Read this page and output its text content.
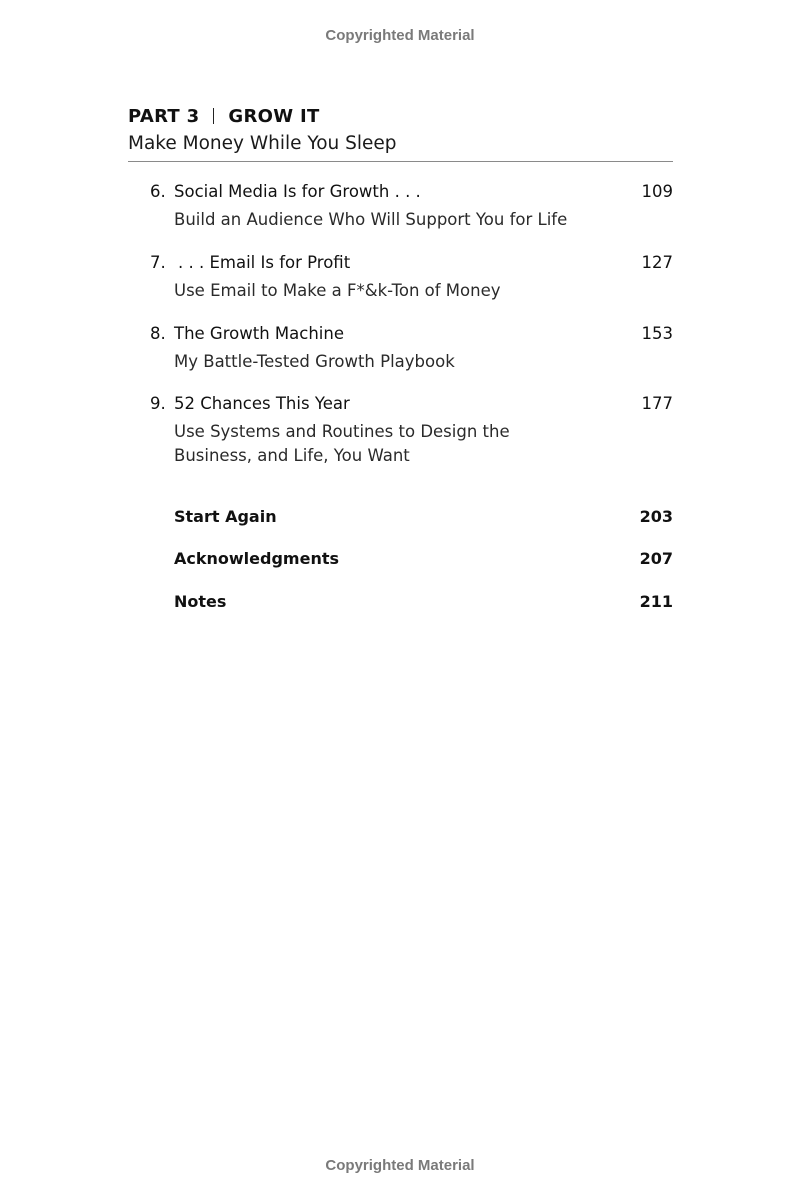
Copyrighted Material
PART 3 GROW IT
Make Money While You Sleep
6. Social Media Is for Growth . . .	109
Build an Audience Who Will Support You for Life
7. . . . Email Is for Profit	127
Use Email to Make a F*&k-Ton of Money
8. The Growth Machine	153
My Battle-Tested Growth Playbook
9. 52 Chances This Year	177
Use Systems and Routines to Design the
Business, and Life, You Want
Start Again	203
Acknowledgments	207
Notes	211
Copyrighted Material
